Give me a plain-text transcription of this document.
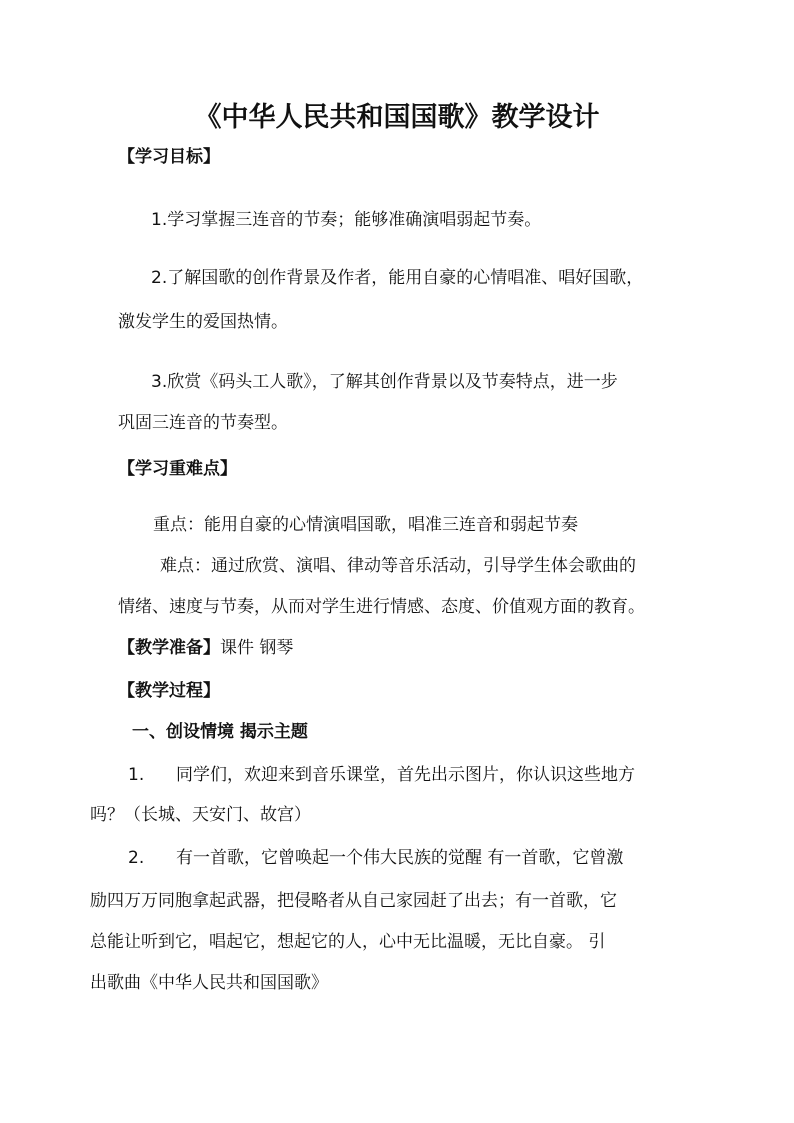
《中华人民共和国国歌》教学设计
【学习目标】
1.学习掌握三连音的节奏；能够准确演唱弱起节奏。
2.了解国歌的创作背景及作者，能用自豪的心情唱准、唱好国歌，
激发学生的爱国热情。
3.欣赏《码头工人歌》，了解其创作背景以及节奏特点，进一步
巩固三连音的节奏型。
【学习重难点】
重点：能用自豪的心情演唱国歌，唱准三连音和弱起节奏
难点：通过欣赏、演唱、律动等音乐活动，引导学生体会歌曲的
情绪、速度与节奏，从而对学生进行情感、态度、价值观方面的教育。
【教学准备】课件 钢琴
【教学过程】
一、创设情境 揭示主题
1. 同学们，欢迎来到音乐课堂，首先出示图片，你认识这些地方
吗？（长城、天安门、故宫）
2. 有一首歌，它曾唤起一个伟大民族的觉醒 有一首歌，它曾激
励四万万同胞拿起武器，把侵略者从自己家园赶了出去；有一首歌，它
总能让听到它，唱起它，想起它的人，心中无比温暖，无比自豪。 引
出歌曲《中华人民共和国国歌》
